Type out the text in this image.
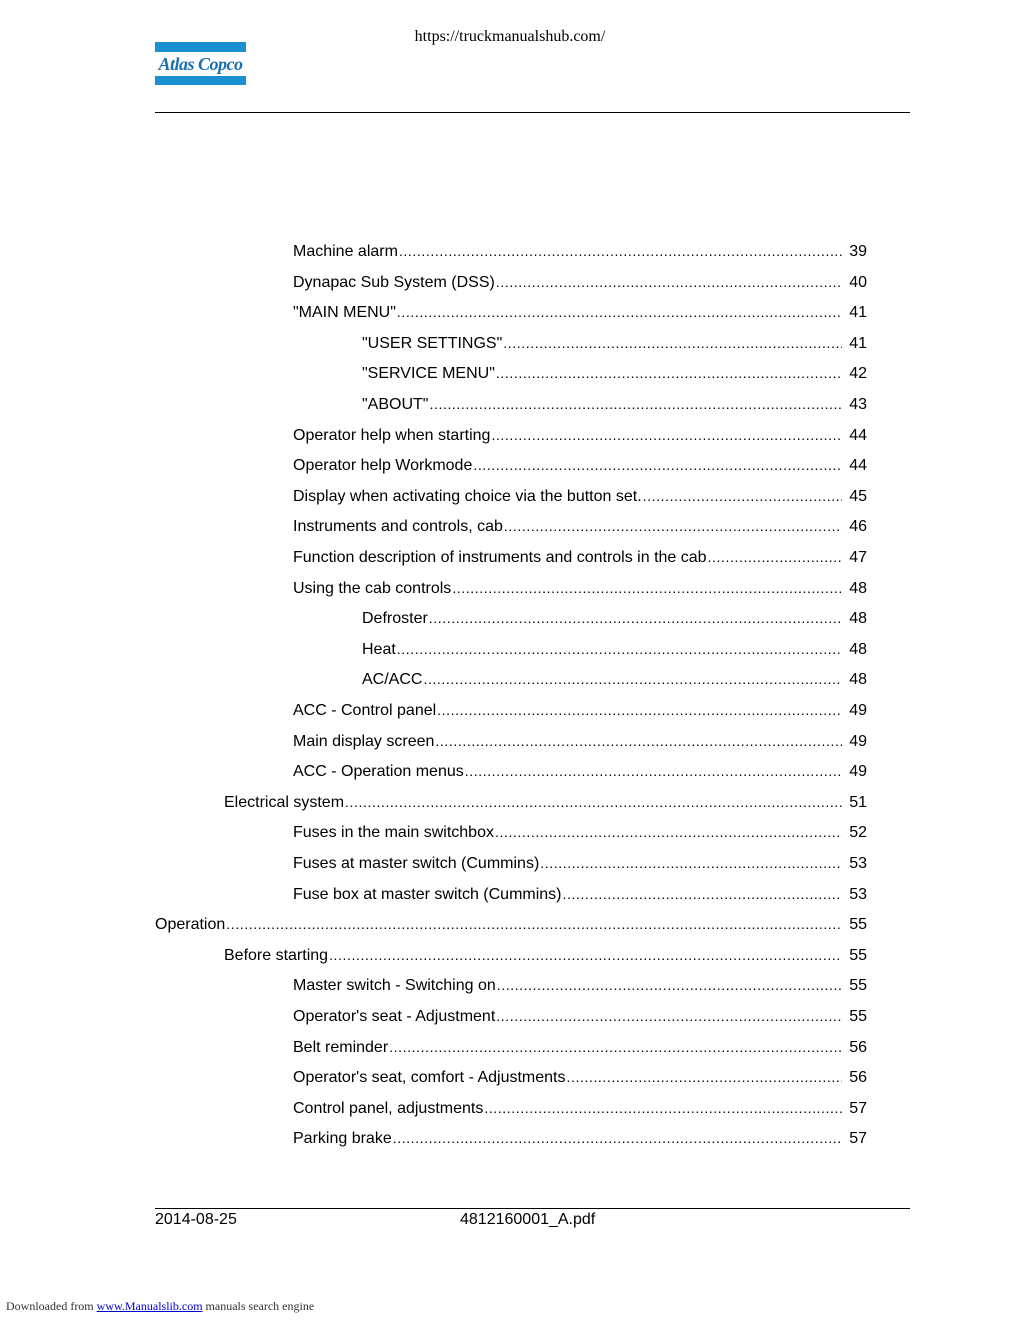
https://truckmanualshub.com/
Atlas Copco
Machine alarm .....	39
Dynapac Sub System (DSS) .....	40
"MAIN MENU" .....	41
"USER SETTINGS" .....	41
"SERVICE MENU" .....	42
"ABOUT" .....	43
Operator help when starting .....	44
Operator help Workmode .....	44
Display when activating choice via the button set. .....	45
Instruments and controls, cab .....	46
Function description of instruments and controls in the cab .....	47
Using the cab controls .....	48
Defroster .....	48
Heat .....	48
AC/ACC .....	48
ACC - Control panel .....	49
Main display screen .....	49
ACC - Operation menus .....	49
Electrical system .....	51
Fuses in the main switchbox .....	52
Fuses at master switch (Cummins) .....	53
Fuse box at master switch (Cummins) .....	53
Operation .....	55
Before starting .....	55
Master switch - Switching on .....	55
Operator's seat - Adjustment .....	55
Belt reminder .....	56
Operator's seat, comfort - Adjustments .....	56
Control panel, adjustments .....	57
Parking brake .....	57
2014-08-25	4812160001_A.pdf
Downloaded from www.Manualslib.com manuals search engine
